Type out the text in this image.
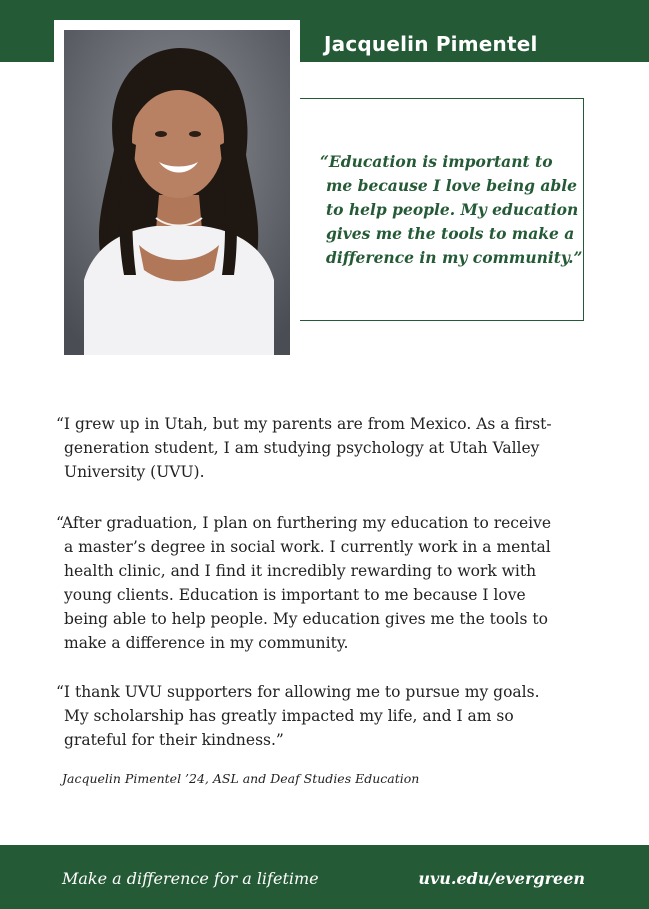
Jacquelin Pimentel

“Education is important to
me because I love being able
to help people. My education
gives me the tools to make a
difference in my community.”

“I grew up in Utah, but my parents are from Mexico. As a first-
generation student, I am studying psychology at Utah Valley
University (UVU).

“After graduation, I plan on furthering my education to receive
a master’s degree in social work. I currently work in a mental
health clinic, and I find it incredibly rewarding to work with
young clients. Education is important to me because I love
being able to help people. My education gives me the tools to
make a difference in my community.

“I thank UVU supporters for allowing me to pursue my goals.
My scholarship has greatly impacted my life, and I am so
grateful for their kindness.”

Jacquelin Pimentel ’24, ASL and Deaf Studies Education
Make a difference for a lifetime	uvu.edu/evergreen
